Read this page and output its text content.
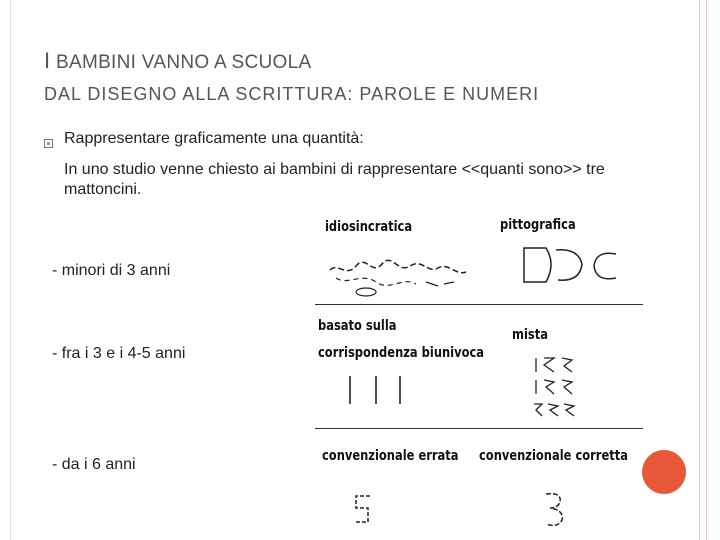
I BAMBINI VANNO A SCUOLA
DAL DISEGNO ALLA SCRITTURA: PAROLE E NUMERI
Rappresentare graficamente una quantità:
In uno studio venne chiesto ai bambini di rappresentare <<quanti sono>> tre mattoncini.
- minori di 3 anni
- fra i 3 e i 4-5 anni
- da i 6 anni
idiosincratica	pittografica
basato sulla
corrispondenza biunivoca
mista
convenzionale errata convenzionale corretta
